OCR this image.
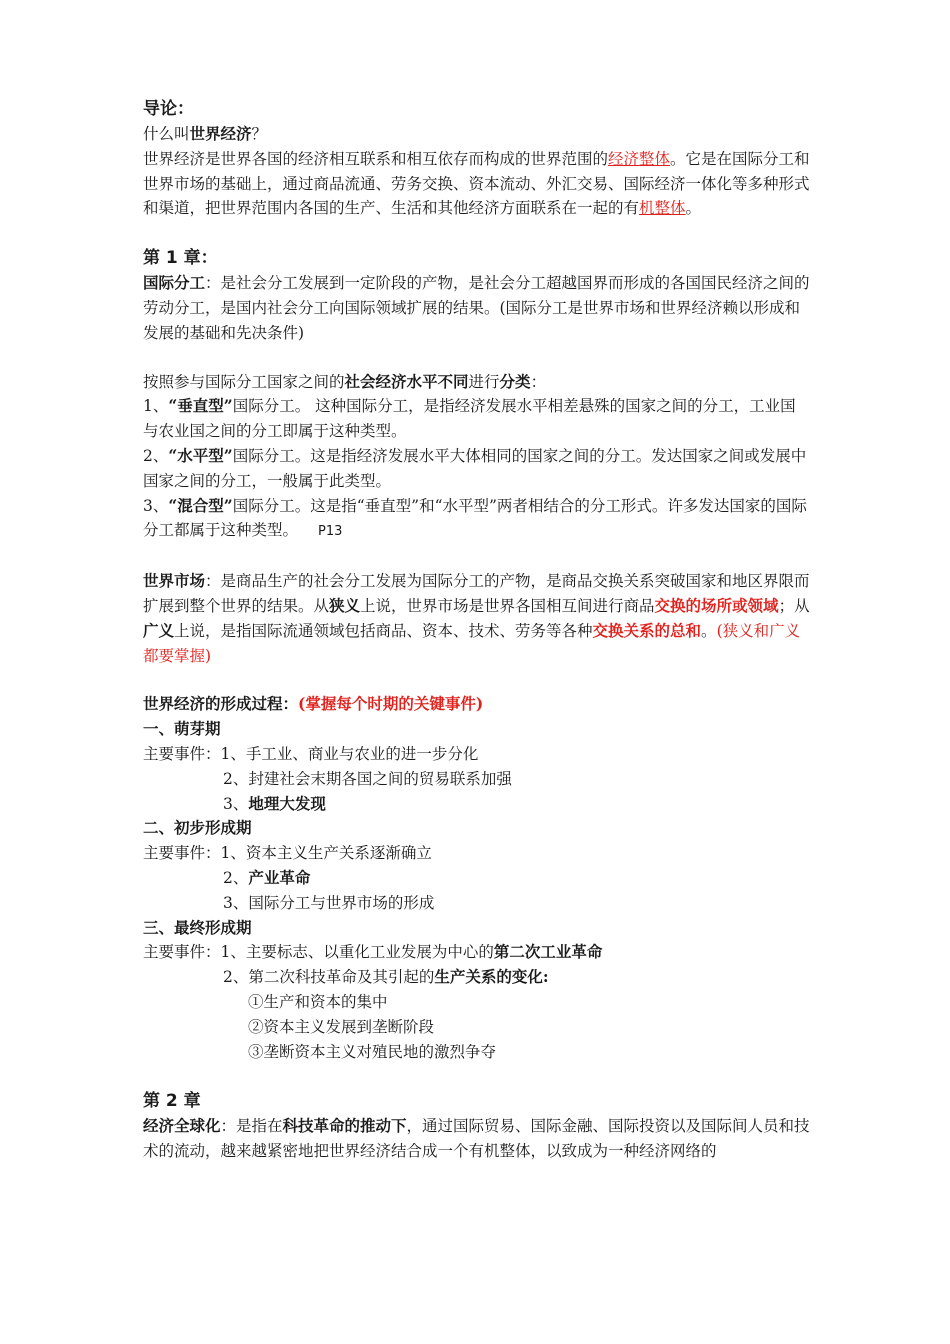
导论：

什么叫世界经济？

世界经济是世界各国的经济相互联系和相互依存而构成的世界范围的经济整体。它是在国际分工和世界市场的基础上，通过商品流通、劳务交换、资本流动、外汇交易、国际经济一体化等多种形式和渠道，把世界范围内各国的生产、生活和其他经济方面联系在一起的有机整体。

第 1 章：

国际分工：是社会分工发展到一定阶段的产物，是社会分工超越国界而形成的各国国民经济之间的劳动分工，是国内社会分工向国际领域扩展的结果。(国际分工是世界市场和世界经济赖以形成和发展的基础和先决条件)

按照参与国际分工国家之间的社会经济水平不同进行分类：

1、“垂直型”国际分工。 这种国际分工，是指经济发展水平相差悬殊的国家之间的分工，工业国与农业国之间的分工即属于这种类型。

2、“水平型”国际分工。这是指经济发展水平大体相同的国家之间的分工。发达国家之间或发展中国家之间的分工，一般属于此类型。

3、“混合型”国际分工。这是指“垂直型”和“水平型”两者相结合的分工形式。许多发达国家的国际分工都属于这种类型。 P13

世界市场：是商品生产的社会分工发展为国际分工的产物，是商品交换关系突破国家和地区界限而扩展到整个世界的结果。从狭义上说，世界市场是世界各国相互间进行商品交换的场所或领域；从广义上说，是指国际流通领域包括商品、资本、技术、劳务等各种交换关系的总和。(狭义和广义都要掌握)

世界经济的形成过程：(掌握每个时期的关键事件)

一、萌芽期

主要事件：1、手工业、商业与农业的进一步分化

2、封建社会末期各国之间的贸易联系加强

3、地理大发现

二、初步形成期

主要事件：1、资本主义生产关系逐渐确立

2、产业革命

3、国际分工与世界市场的形成

三、最终形成期

主要事件：1、主要标志、以重化工业发展为中心的第二次工业革命

2、第二次科技革命及其引起的生产关系的变化:

①生产和资本的集中

②资本主义发展到垄断阶段

③垄断资本主义对殖民地的激烈争夺

第 2 章

经济全球化：是指在科技革命的推动下，通过国际贸易、国际金融、国际投资以及国际间人员和技术的流动，越来越紧密地把世界经济结合成一个有机整体，以致成为一种经济网络的
